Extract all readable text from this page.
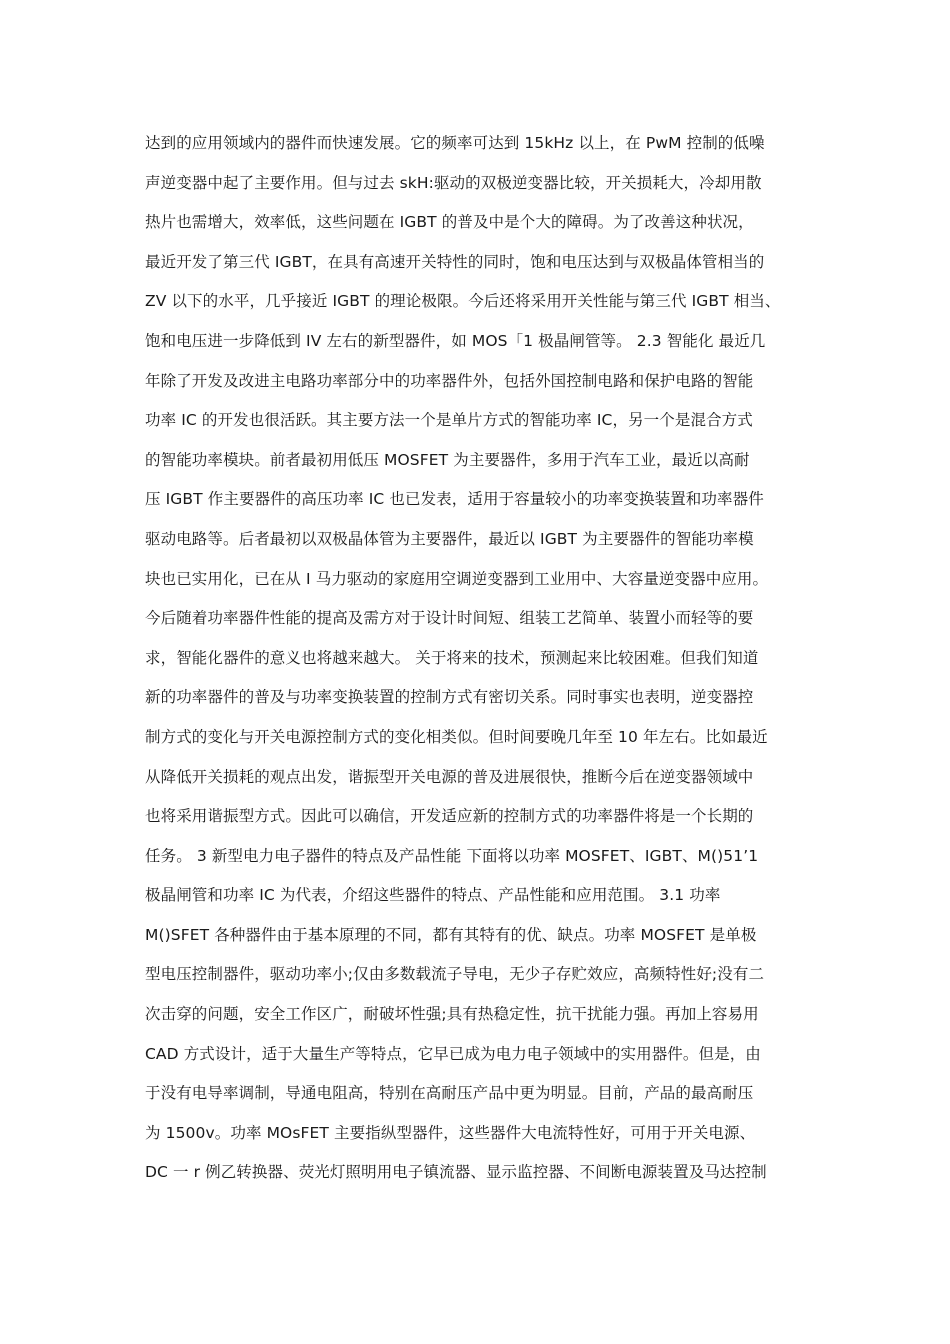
达到的应用领域内的器件而快速发展。它的频率可达到 15kHz 以上，在 PwM 控制的低噪
声逆变器中起了主要作用。但与过去 skH:驱动的双极逆变器比较，开关损耗大，冷却用散
热片也需增大，效率低，这些问题在 IGBT 的普及中是个大的障碍。为了改善这种状况，
最近开发了第三代 IGBT，在具有高速开关特性的同时，饱和电压达到与双极晶体管相当的
ZV 以下的水平，几乎接近 IGBT 的理论极限。今后还将采用开关性能与第三代 IGBT 相当、
饱和电压进一步降低到 IV 左右的新型器件，如 MOS「1 极晶闸管等。 2.3 智能化 最近几
年除了开发及改进主电路功率部分中的功率器件外，包括外国控制电路和保护电路的智能
功率 IC 的开发也很活跃。其主要方法一个是单片方式的智能功率 IC，另一个是混合方式
的智能功率模块。前者最初用低压 MOSFET 为主要器件，多用于汽车工业，最近以高耐
压 IGBT 作主要器件的高压功率 IC 也已发表，适用于容量较小的功率变换装置和功率器件
驱动电路等。后者最初以双极晶体管为主要器件，最近以 IGBT 为主要器件的智能功率模
块也已实用化，已在从 I 马力驱动的家庭用空调逆变器到工业用中、大容量逆变器中应用。
今后随着功率器件性能的提高及需方对于设计时间短、组装工艺简单、装置小而轻等的要
求，智能化器件的意义也将越来越大。 关于将来的技术，预测起来比较困难。但我们知道
新的功率器件的普及与功率变换装置的控制方式有密切关系。同时事实也表明，逆变器控
制方式的变化与开关电源控制方式的变化相类似。但时间要晚几年至 10 年左右。比如最近
从降低开关损耗的观点出发，谐振型开关电源的普及进展很快，推断今后在逆变器领域中
也将采用谐振型方式。因此可以确信，开发适应新的控制方式的功率器件将是一个长期的
任务。 3 新型电力电子器件的特点及产品性能 下面将以功率 MOSFET、IGBT、M()51’1
极晶闸管和功率 IC 为代表，介绍这些器件的特点、产品性能和应用范围。 3.1 功率
M()SFET 各种器件由于基本原理的不同，都有其特有的优、缺点。功率 MOSFET 是单极
型电压控制器件，驱动功率小;仅由多数载流子导电，无少子存贮效应，高频特性好;没有二
次击穿的问题，安全工作区广，耐破坏性强;具有热稳定性，抗干扰能力强。再加上容易用
CAD 方式设计，适于大量生产等特点，它早已成为电力电子领域中的实用器件。但是，由
于没有电导率调制，导通电阻高，特别在高耐压产品中更为明显。目前，产品的最高耐压
为 1500v。功率 MOsFET 主要指纵型器件，这些器件大电流特性好，可用于开关电源、
DC 一 r 例乙转换器、荧光灯照明用电子镇流器、显示监控器、不间断电源装置及马达控制
